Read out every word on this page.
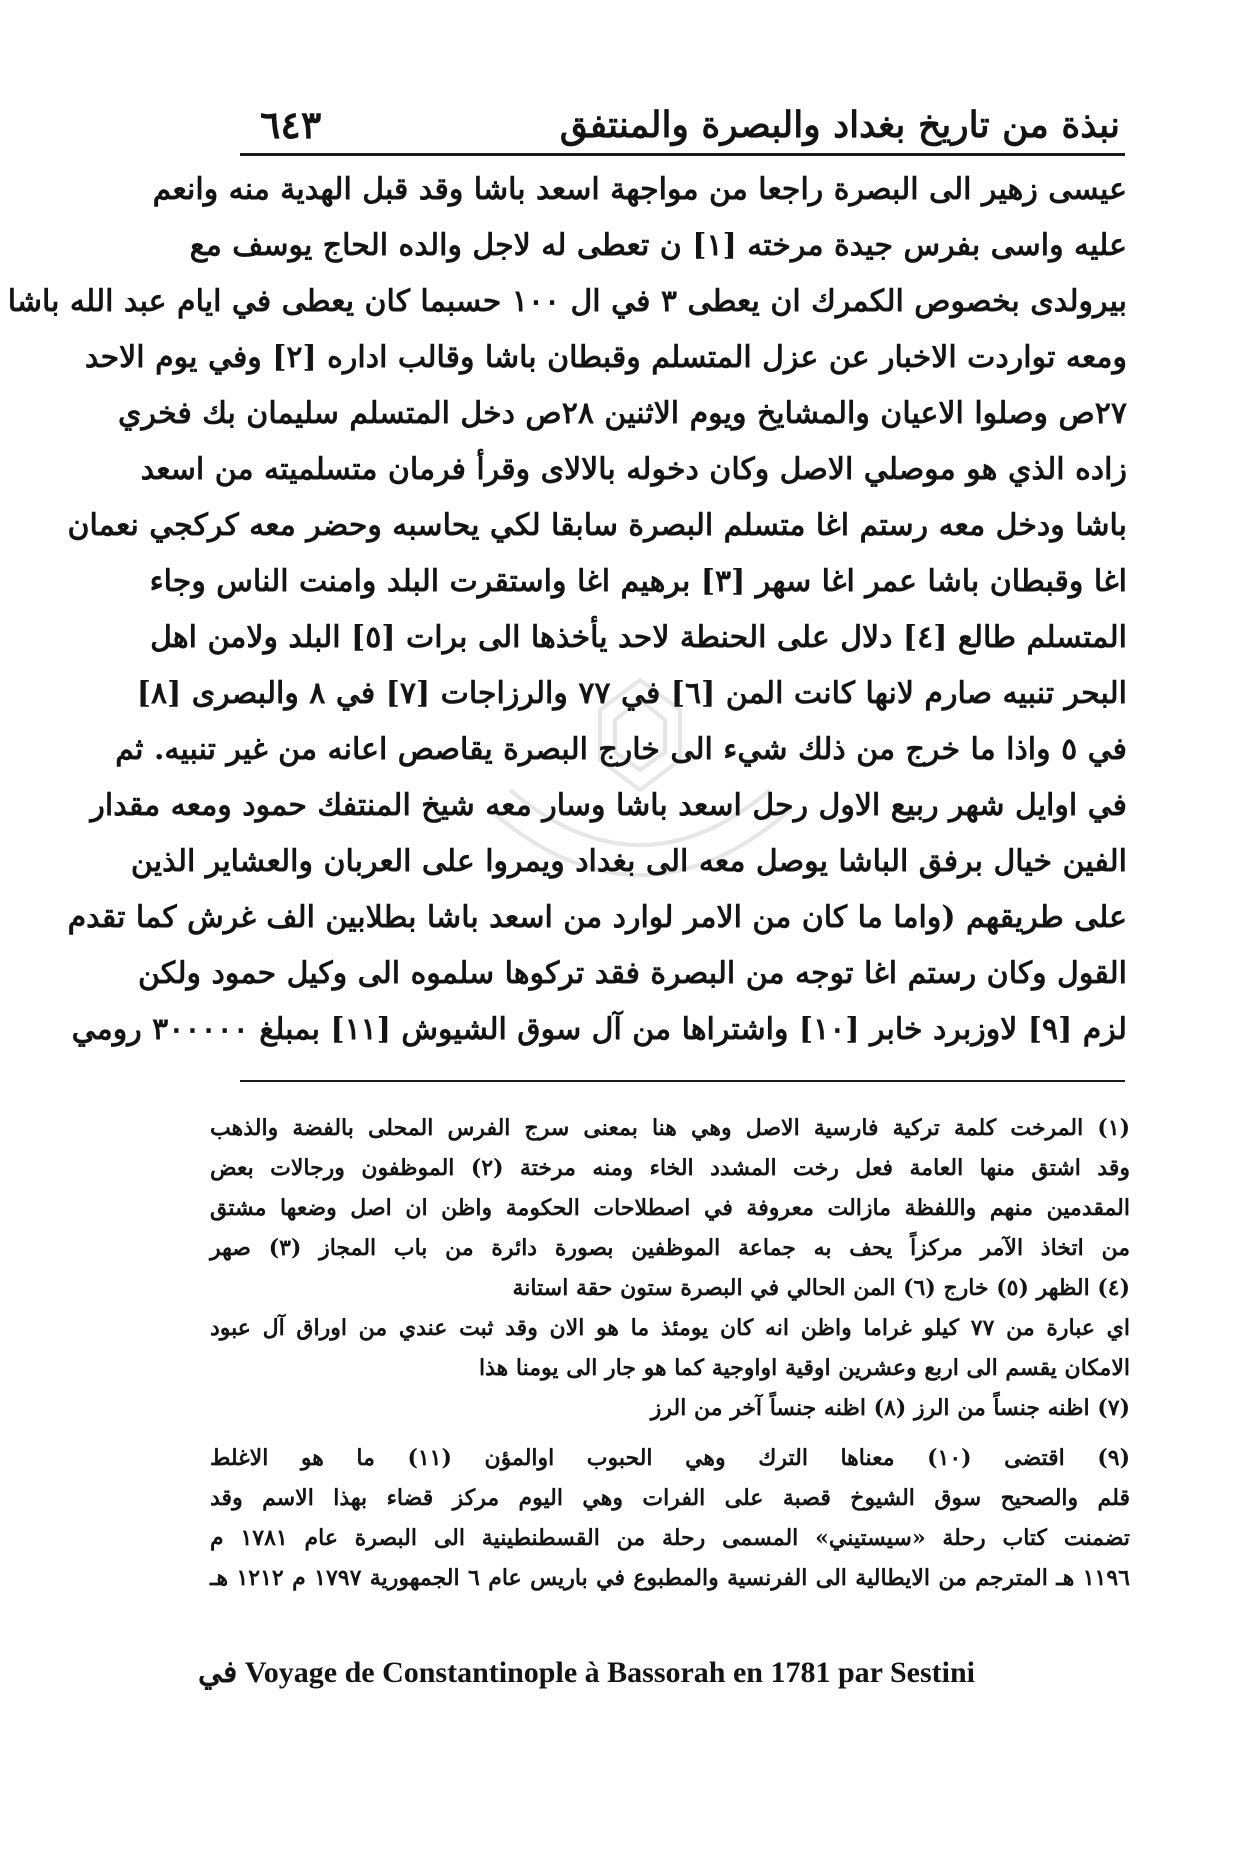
نبذة من تاريخ بغداد والبصرة والمنتفق
٦٤٣
عيسى زهير الى البصرة راجعا من مواجهة اسعد باشا وقد قبل الهدية منه وانعم
عليه واسى بفرس جيدة مرخته [١] ن تعطى له لاجل والده الحاج يوسف مع
بيرولدى بخصوص الكمرك ان يعطى ٣ في ال ١٠٠ حسبما كان يعطى في ايام عبد الله باشا
ومعه تواردت الاخبار عن عزل المتسلم وقبطان باشا وقالب اداره [٢] وفي يوم الاحد
٢٧ص وصلوا الاعيان والمشايخ ويوم الاثنين ٢٨ص دخل المتسلم سليمان بك فخري
زاده الذي هو موصلي الاصل وكان دخوله بالالاى وقرأ فرمان متسلميته من اسعد
باشا ودخل معه رستم اغا متسلم البصرة سابقا لكي يحاسبه وحضر معه كركجي نعمان
اغا وقبطان باشا عمر اغا سهر [٣] برهيم اغا واستقرت البلد وامنت الناس وجاء
المتسلم طالع [٤] دلال على الحنطة لاحد يأخذها الى برات [٥] البلد ولامن اهل
البحر تنبيه صارم لانها كانت المن [٦] في ٧٧ والرزاجات [٧] في ٨ والبصرى [٨]
في ٥ واذا ما خرج من ذلك شيء الى خارج البصرة يقاصص اعانه من غير تنبيه. ثم
في اوايل شهر ربيع الاول رحل اسعد باشا وسار معه شيخ المنتفك حمود ومعه مقدار
الفين خيال برفق الباشا يوصل معه الى بغداد ويمروا على العربان والعشاير الذين
على طريقهم (واما ما كان من الامر لوارد من اسعد باشا بطلابين الف غرش كما تقدم
القول وكان رستم اغا توجه من البصرة فقد تركوها سلموه الى وكيل حمود ولكن
لزم [٩] لاوزبرد خابر [١٠] واشتراها من آل سوق الشيوش [١١] بمبلغ ٣٠٠٠٠٠ رومي
(١) المرخت كلمة تركية فارسية الاصل وهي هنا بمعنى سرج الفرس المحلى بالفضة والذهب
وقد اشتق منها العامة فعل رخت المشدد الخاء ومنه مرختة (٢) الموظفون ورجالات بعض
المقدمين منهم واللفظة مازالت معروفة في اصطلاحات الحكومة واظن ان اصل وضعها مشتق
من اتخاذ الآمر مركزاً يحف به جماعة الموظفين بصورة دائرة من باب المجاز (٣) صهر
(٤) الظهر (٥) خارج (٦) المن الحالي في البصرة ستون حقة استانة
اي عبارة من ٧٧ كيلو غراما واظن انه كان يومئذ ما هو الان وقد ثبت عندي من اوراق آل عبود
الامكان يقسم الى اربع وعشرين اوقية اواوجية كما هو جار الى يومنا هذا
(٧) اظنه جنساً من الرز (٨) اظنه جنساً آخر من الرز
(٩) اقتضى (١٠) معناها الترك وهي الحبوب اوالمؤن (١١) ما هو الاغلط
قلم والصحيح سوق الشيوخ قصبة على الفرات وهي اليوم مركز قضاء بهذا الاسم وقد
تضمنت كتاب رحلة «سيستيني» المسمى رحلة من القسطنطينية الى البصرة عام ١٧٨١ م
١١٩٦ هـ المترجم من الايطالية الى الفرنسية والمطبوع في باريس عام ٦ الجمهورية ١٧٩٧ م ١٢١٢ هـ
في Voyage de Constantinople à Bassorah en 1781 par Sestini
